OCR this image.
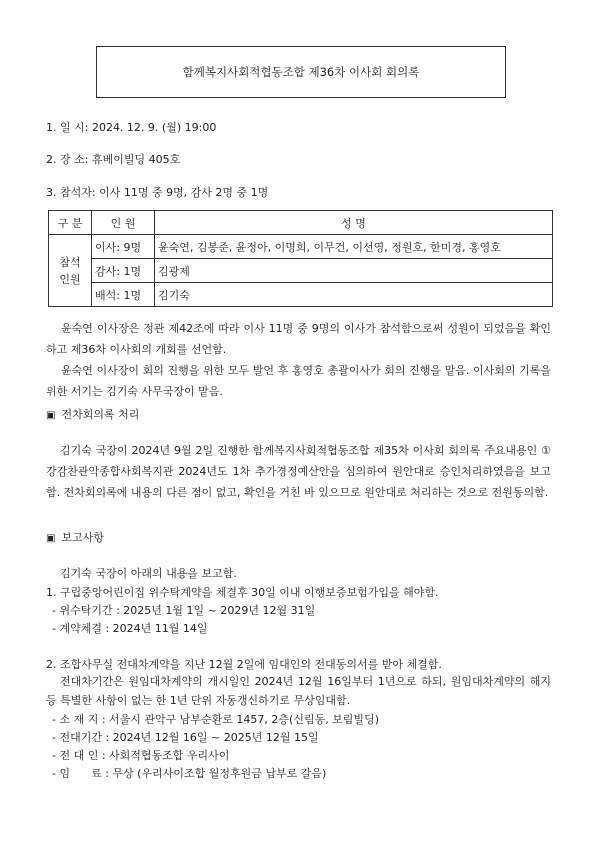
함께복지사회적협동조합 제36차 이사회 회의록
1. 일 시: 2024. 12. 9. (월) 19:00
2. 장 소: 휴베이빌딩 405호
3. 참석자: 이사 11명 중 9명, 감사 2명 중 1명
구 분	인 원	성 명
참석
인원	이사: 9명	윤숙연, 김봉준, 윤정아, 이명희, 이무건, 이선영, 정원호, 한미경, 홍영호
	감사: 1명	김광제
	배석: 1명	김기숙
윤숙연 이사장은 정관 제42조에 따라 이사 11명 중 9명의 이사가 참석함으로써 성원이 되었음을 확인하고 제36차 이사회의 개회를 선언함.
윤숙연 이사장이 회의 진행을 위한 모두 발언 후 홍영호 총괄이사가 회의 진행을 맡음. 이사회의 기록을 위한 서기는 김기숙 사무국장이 맡음.
▣ 전차회의록 처리
김기숙 국장이 2024년 9월 2일 진행한 함께복지사회적협동조합 제35차 이사회 회의록 주요내용인 ① 강감찬관악종합사회복지관 2024년도 1차 추가경정예산안을 심의하여 원안대로 승인처리하였음을 보고함. 전차회의록에 내용의 다른 점이 없고, 확인을 거친 바 있으므로 원안대로 처리하는 것으로 전원동의함.
▣ 보고사항
김기숙 국장이 아래의 내용을 보고함.
1. 구립중앙어린이집 위수탁계약을 체결후 30일 이내 이행보증보험가입을 해야함.
- 위수탁기간 : 2025년 1월 1일 ~ 2029년 12월 31일
- 계약체결 : 2024년 11월 14일
2. 조합사무실 전대차계약을 지난 12월 2일에 임대인의 전대동의서를 받아 체결함.
전대차기간은 원임대차계약의 개시일인 2024년 12월 16일부터 1년으로 하되, 원임대차계약의 해지 등 특별한 사항이 없는 한 1년 단위 자동갱신하기로 무상임대함.
- 소 재 지 : 서울시 관악구 남부순환로 1457, 2층(신림동, 보림빌딩)
- 전대기간 : 2024년 12월 16일 ~ 2025년 12월 15일
- 전 대 인 : 사회적협동조합 우리사이
- 임      료 : 무상 (우리사이조합 월정후원금 납부로 갈음)
